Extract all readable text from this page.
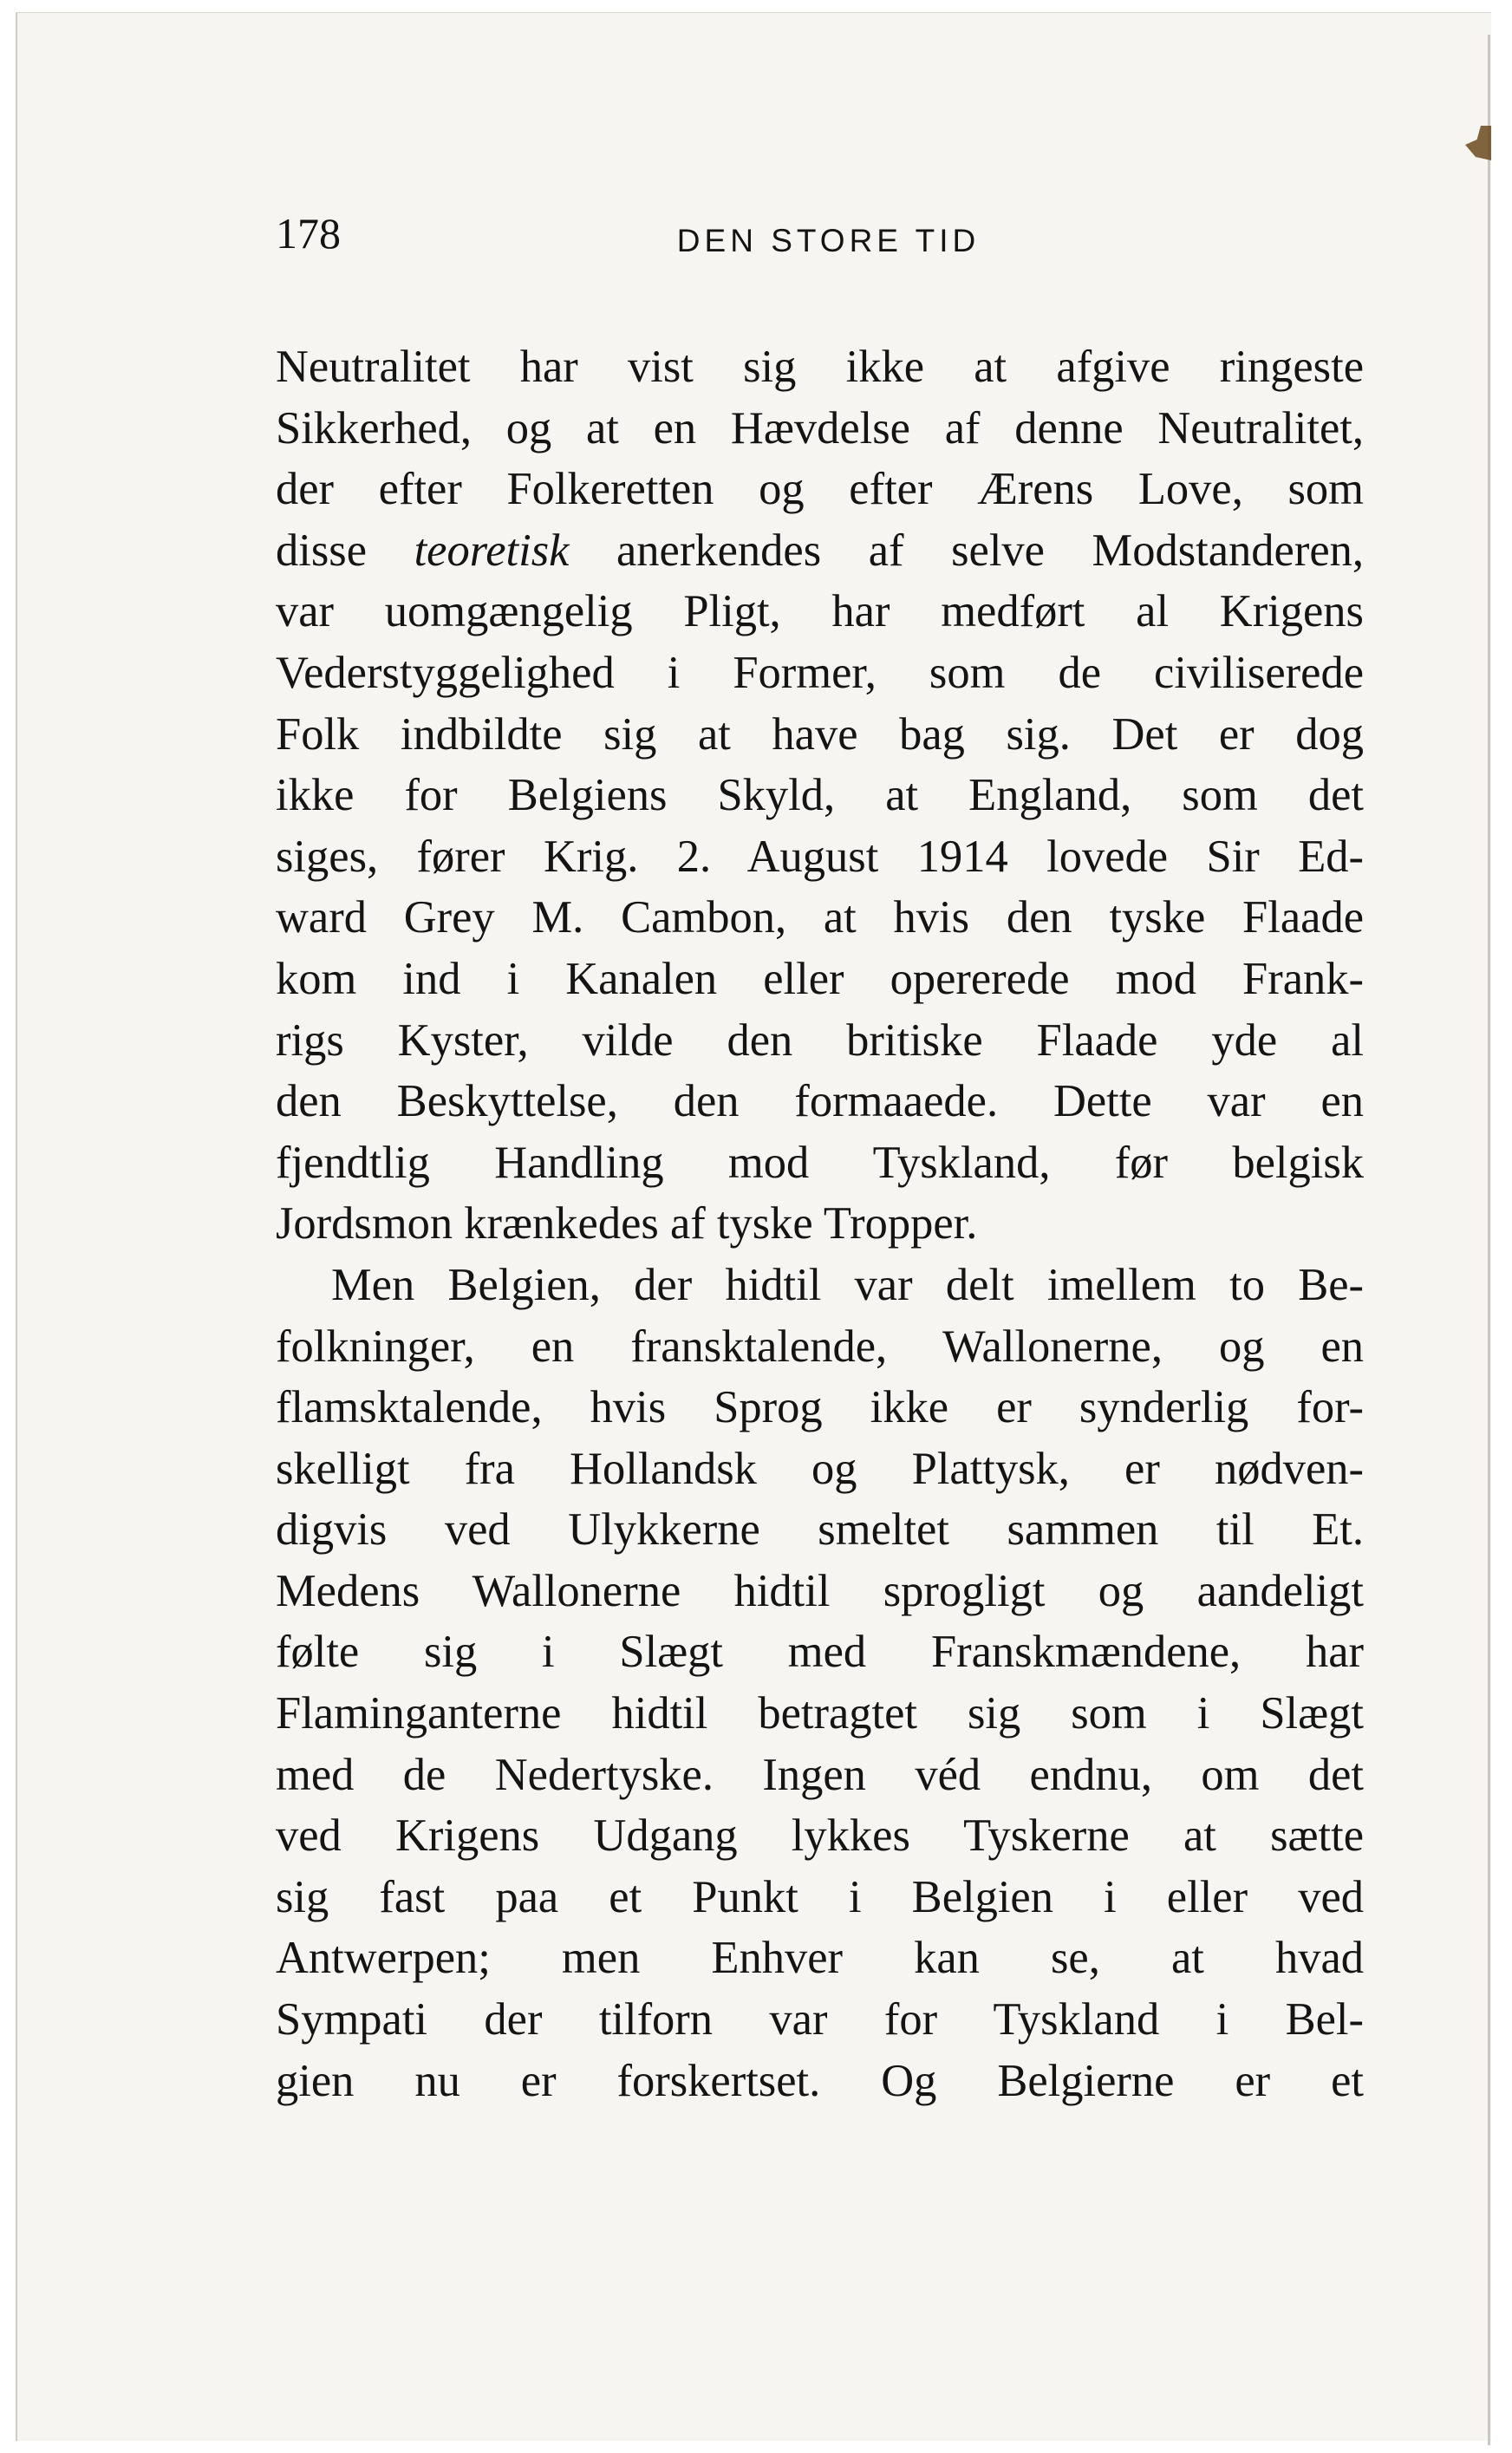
178	DEN STORE TID
Neutralitet har vist sig ikke at afgive ringeste
Sikkerhed, og at en Hævdelse af denne Neutralitet,
der efter Folkeretten og efter Ærens Love, som
disse teoretisk anerkendes af selve Modstanderen,
var uomgængelig Pligt, har medført al Krigens
Vederstyggelighed i Former, som de civiliserede
Folk indbildte sig at have bag sig. Det er dog
ikke for Belgiens Skyld, at England, som det
siges, fører Krig. 2. August 1914 lovede Sir Ed-
ward Grey M. Cambon, at hvis den tyske Flaade
kom ind i Kanalen eller opererede mod Frank-
rigs Kyster, vilde den britiske Flaade yde al
den Beskyttelse, den formaaede. Dette var en
fjendtlig Handling mod Tyskland, før belgisk
Jordsmon krænkedes af tyske Tropper.
Men Belgien, der hidtil var delt imellem to Be-
folkninger, en fransktalende, Wallonerne, og en
flamsktalende, hvis Sprog ikke er synderlig for-
skelligt fra Hollandsk og Plattysk, er nødven-
digvis ved Ulykkerne smeltet sammen til Et.
Medens Wallonerne hidtil sprogligt og aandeligt
følte sig i Slægt med Franskmændene, har
Flaminganterne hidtil betragtet sig som i Slægt
med de Nedertyske. Ingen véd endnu, om det
ved Krigens Udgang lykkes Tyskerne at sætte
sig fast paa et Punkt i Belgien i eller ved
Antwerpen; men Enhver kan se, at hvad
Sympati der tilforn var for Tyskland i Bel-
gien nu er forskertset. Og Belgierne er et
